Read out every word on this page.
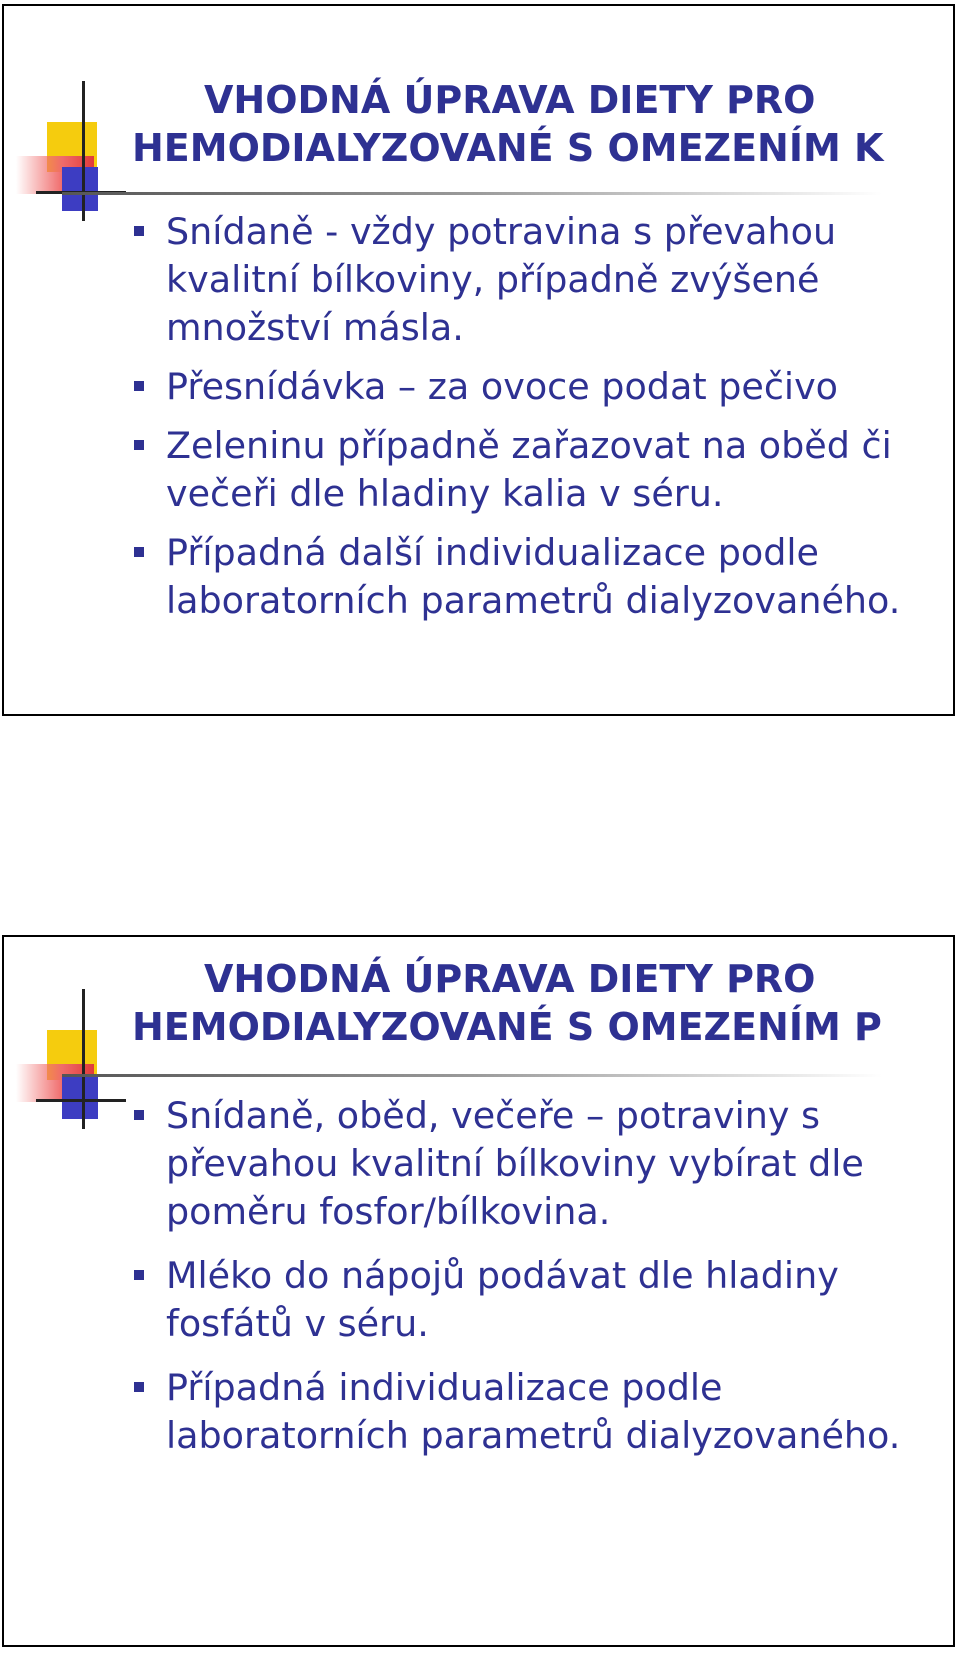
VHODNÁ ÚPRAVA DIETY PRO
HEMODIALYZOVANÉ S OMEZENÍM K
Snídaně - vždy potravina s převahou kvalitní bílkoviny, případně zvýšené množství másla.
Přesnídávka – za ovoce podat pečivo
Zeleninu případně zařazovat na oběd či večeři dle hladiny kalia v séru.
Případná další individualizace podle laboratorních parametrů dialyzovaného.
VHODNÁ ÚPRAVA DIETY PRO
HEMODIALYZOVANÉ S OMEZENÍM P
Snídaně, oběd, večeře – potraviny s převahou kvalitní bílkoviny vybírat dle poměru fosfor/bílkovina.
Mléko do nápojů podávat dle hladiny fosfátů v séru.
Případná individualizace podle laboratorních parametrů dialyzovaného.
